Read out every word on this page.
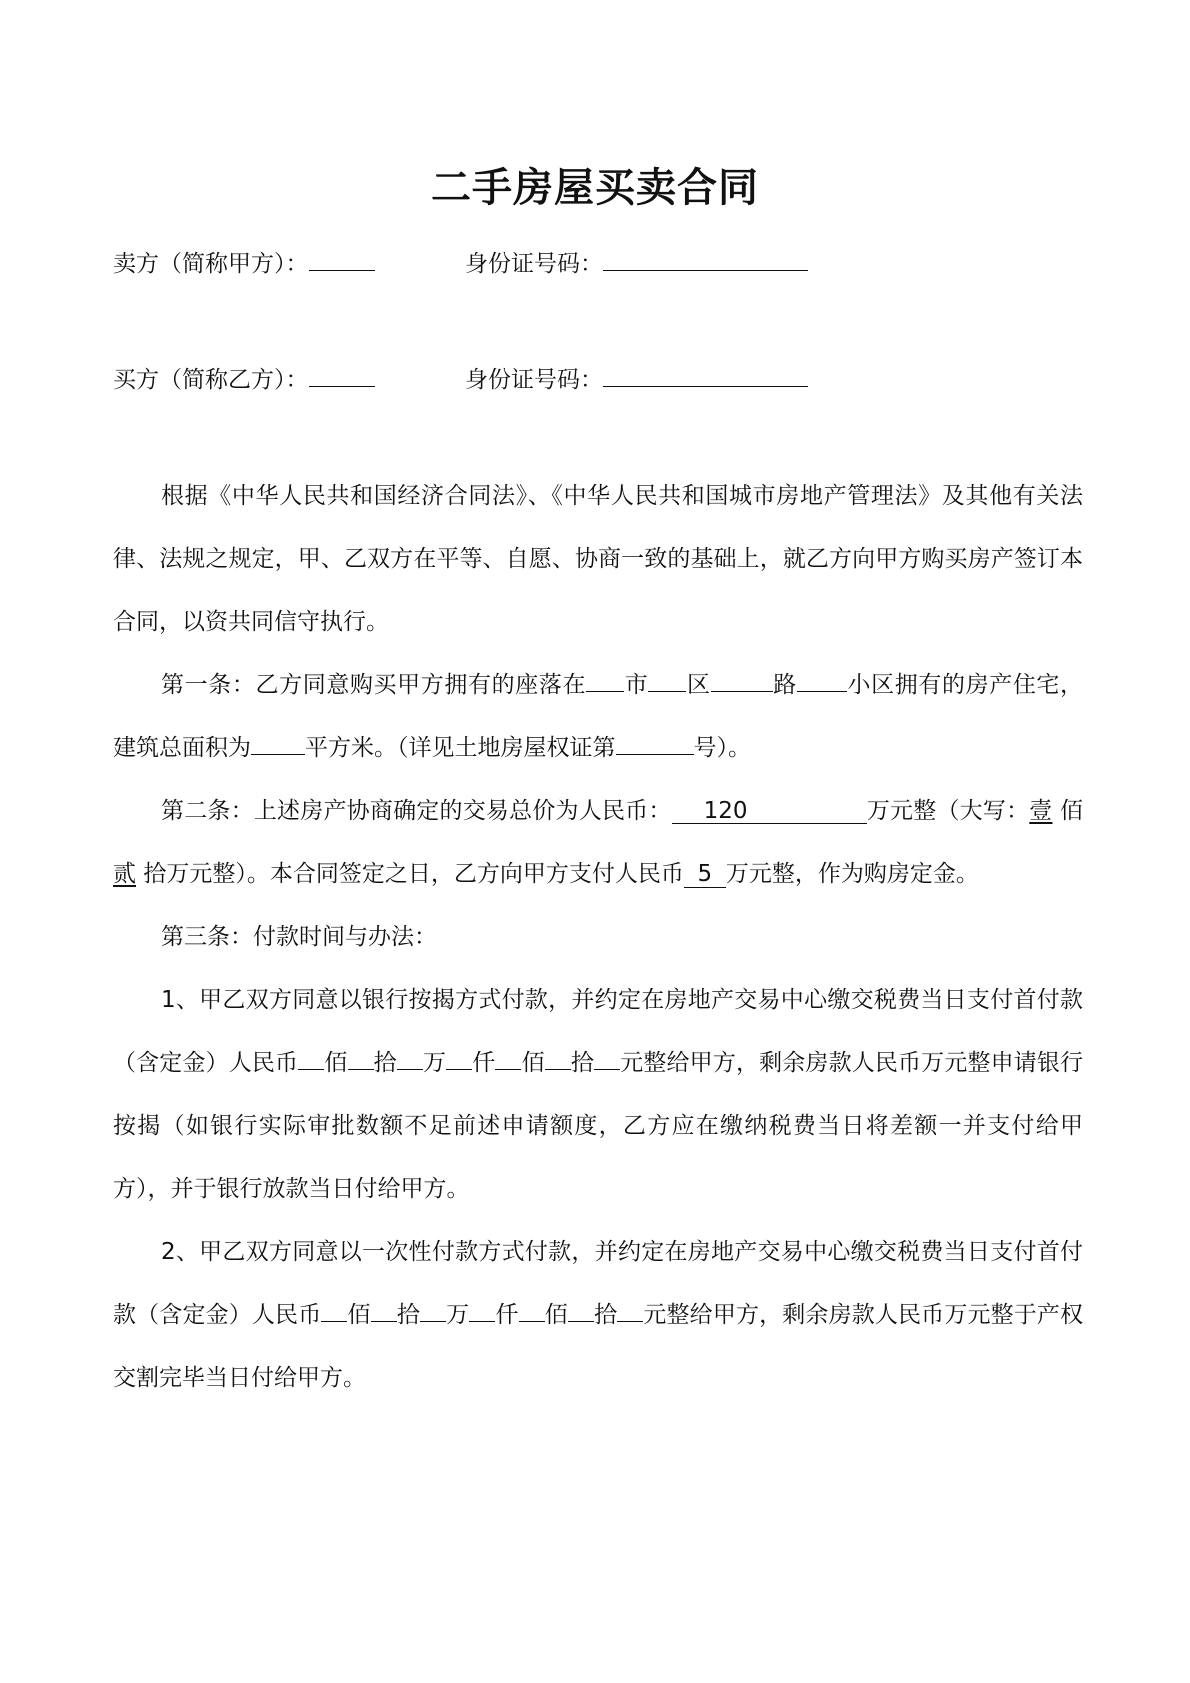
二手房屋买卖合同
卖方（简称甲方）：	身份证号码：
买方（简称乙方）：	身份证号码：

根据《中华人民共和国经济合同法》、《中华人民共和国城市房地产管理法》及其他有关法律、法规之规定，甲、乙双方在平等、自愿、协商一致的基础上，就乙方向甲方购买房产签订本合同，以资共同信守执行。

第一条：乙方同意购买甲方拥有的座落在 市 区	路 小区拥有的房产住宅，建筑总面积为 平方米。（详见土地房屋权证第	号）。

第二条：上述房产协商确定的交易总价为人民币： 120	万元整（大写：壹 佰 贰 拾万元整）。本合同签定之日，乙方向甲方支付人民币 5 万元整，作为购房定金。

第三条：付款时间与办法：

1、甲乙双方同意以银行按揭方式付款，并约定在房地产交易中心缴交税费当日支付首付款（含定金）人民币 佰 拾 万 仟 佰 拾 元整给甲方，剩余房款人民币万元整申请银行按揭（如银行实际审批数额不足前述申请额度，乙方应在缴纳税费当日将差额一并支付给甲方），并于银行放款当日付给甲方。

2、甲乙双方同意以一次性付款方式付款，并约定在房地产交易中心缴交税费当日支付首付款（含定金）人民币 佰 拾 万 仟 佰 拾 元整给甲方，剩余房款人民币万元整于产权交割完毕当日付给甲方。
